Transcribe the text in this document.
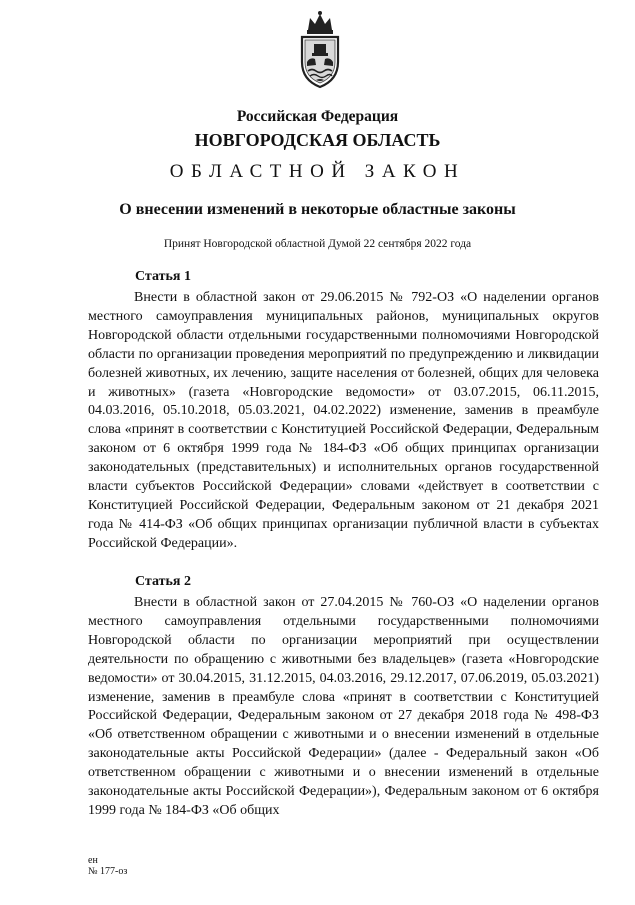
Российская Федерация
НОВГОРОДСКАЯ ОБЛАСТЬ
ОБЛАСТНОЙ ЗАКОН
О внесении изменений в некоторые областные законы
Принят Новгородской областной Думой 22 сентября 2022 года
Статья 1

Внести в областной закон от 29.06.2015 № 792-ОЗ «О наделении органов местного самоуправления муниципальных районов, муниципальных округов Новгородской области отдельными государственными полномочиями Новгородской области по организации проведения мероприятий по предупреждению и ликвидации болезней животных, их лечению, защите населения от болезней, общих для человека и животных» (газета «Новгородские ведомости» от 03.07.2015, 06.11.2015, 04.03.2016, 05.10.2018, 05.03.2021, 04.02.2022) изменение, заменив в преамбуле слова «принят в соответствии с Конституцией Российской Федерации, Федеральным законом от 6 октября 1999 года № 184-ФЗ «Об общих принципах организации законодательных (представительных) и исполнительных органов государственной власти субъектов Российской Федерации» словами «действует в соответствии с Конституцией Российской Федерации, Федеральным законом от 21 декабря 2021 года № 414-ФЗ «Об общих принципах организации публичной власти в субъектах Российской Федерации».

Статья 2

Внести в областной закон от 27.04.2015 № 760-ОЗ «О наделении органов местного самоуправления отдельными государственными полномочиями Новгородской области по организации мероприятий при осуществлении деятельности по обращению с животными без владельцев» (газета «Новгородские ведомости» от 30.04.2015, 31.12.2015, 04.03.2016, 29.12.2017, 07.06.2019, 05.03.2021) изменение, заменив в преамбуле слова «принят в соответствии с Конституцией Российской Федерации, Федеральным законом от 27 декабря 2018 года № 498-ФЗ «Об ответственном обращении с животными и о внесении изменений в отдельные законодательные акты Российской Федерации» (далее - Федеральный закон «Об ответственном обращении с животными и о внесении изменений в отдельные законодательные акты Российской Федерации»), Федеральным законом от 6 октября 1999 года № 184-ФЗ «Об общих

ен
№ 177-оз
